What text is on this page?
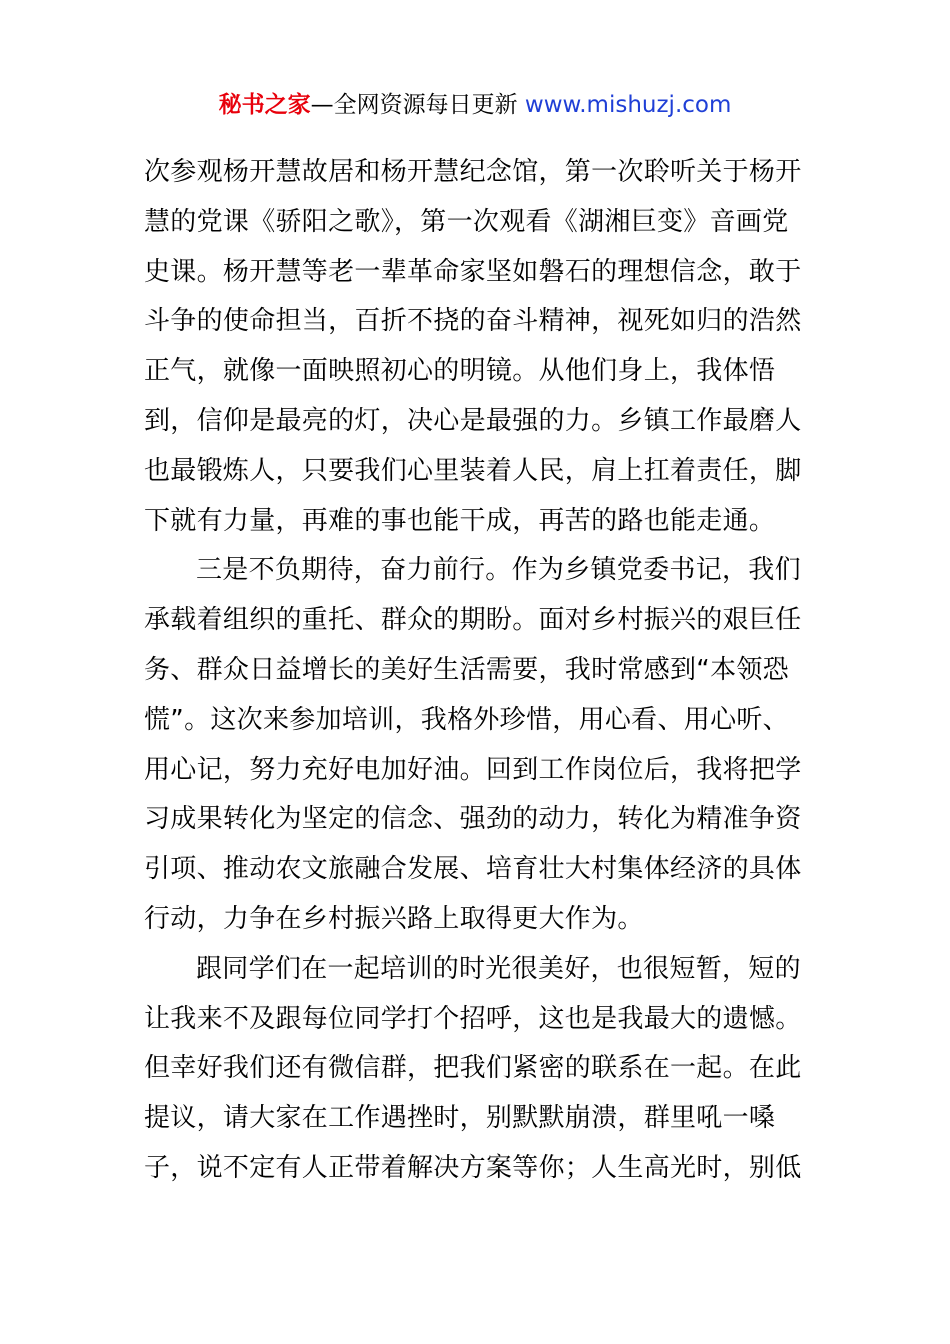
秘书之家—全网资源每日更新 www.mishuzj.com
次参观杨开慧故居和杨开慧纪念馆，第一次聆听关于杨开
慧的党课《骄阳之歌》，第一次观看《湖湘巨变》音画党
史课。杨开慧等老一辈革命家坚如磐石的理想信念，敢于
斗争的使命担当，百折不挠的奋斗精神，视死如归的浩然
正气，就像一面映照初心的明镜。从他们身上，我体悟
到，信仰是最亮的灯，决心是最强的力。乡镇工作最磨人
也最锻炼人，只要我们心里装着人民，肩上扛着责任，脚
下就有力量，再难的事也能干成，再苦的路也能走通。
三是不负期待，奋力前行。作为乡镇党委书记，我们
承载着组织的重托、群众的期盼。面对乡村振兴的艰巨任
务、群众日益增长的美好生活需要，我时常感到“本领恐
慌”。这次来参加培训，我格外珍惜，用心看、用心听、
用心记，努力充好电加好油。回到工作岗位后，我将把学
习成果转化为坚定的信念、强劲的动力，转化为精准争资
引项、推动农文旅融合发展、培育壮大村集体经济的具体
行动，力争在乡村振兴路上取得更大作为。
跟同学们在一起培训的时光很美好，也很短暂，短的
让我来不及跟每位同学打个招呼，这也是我最大的遗憾。
但幸好我们还有微信群，把我们紧密的联系在一起。在此
提议，请大家在工作遇挫时，别默默崩溃，群里吼一嗓
子，说不定有人正带着解决方案等你；人生高光时，别低
